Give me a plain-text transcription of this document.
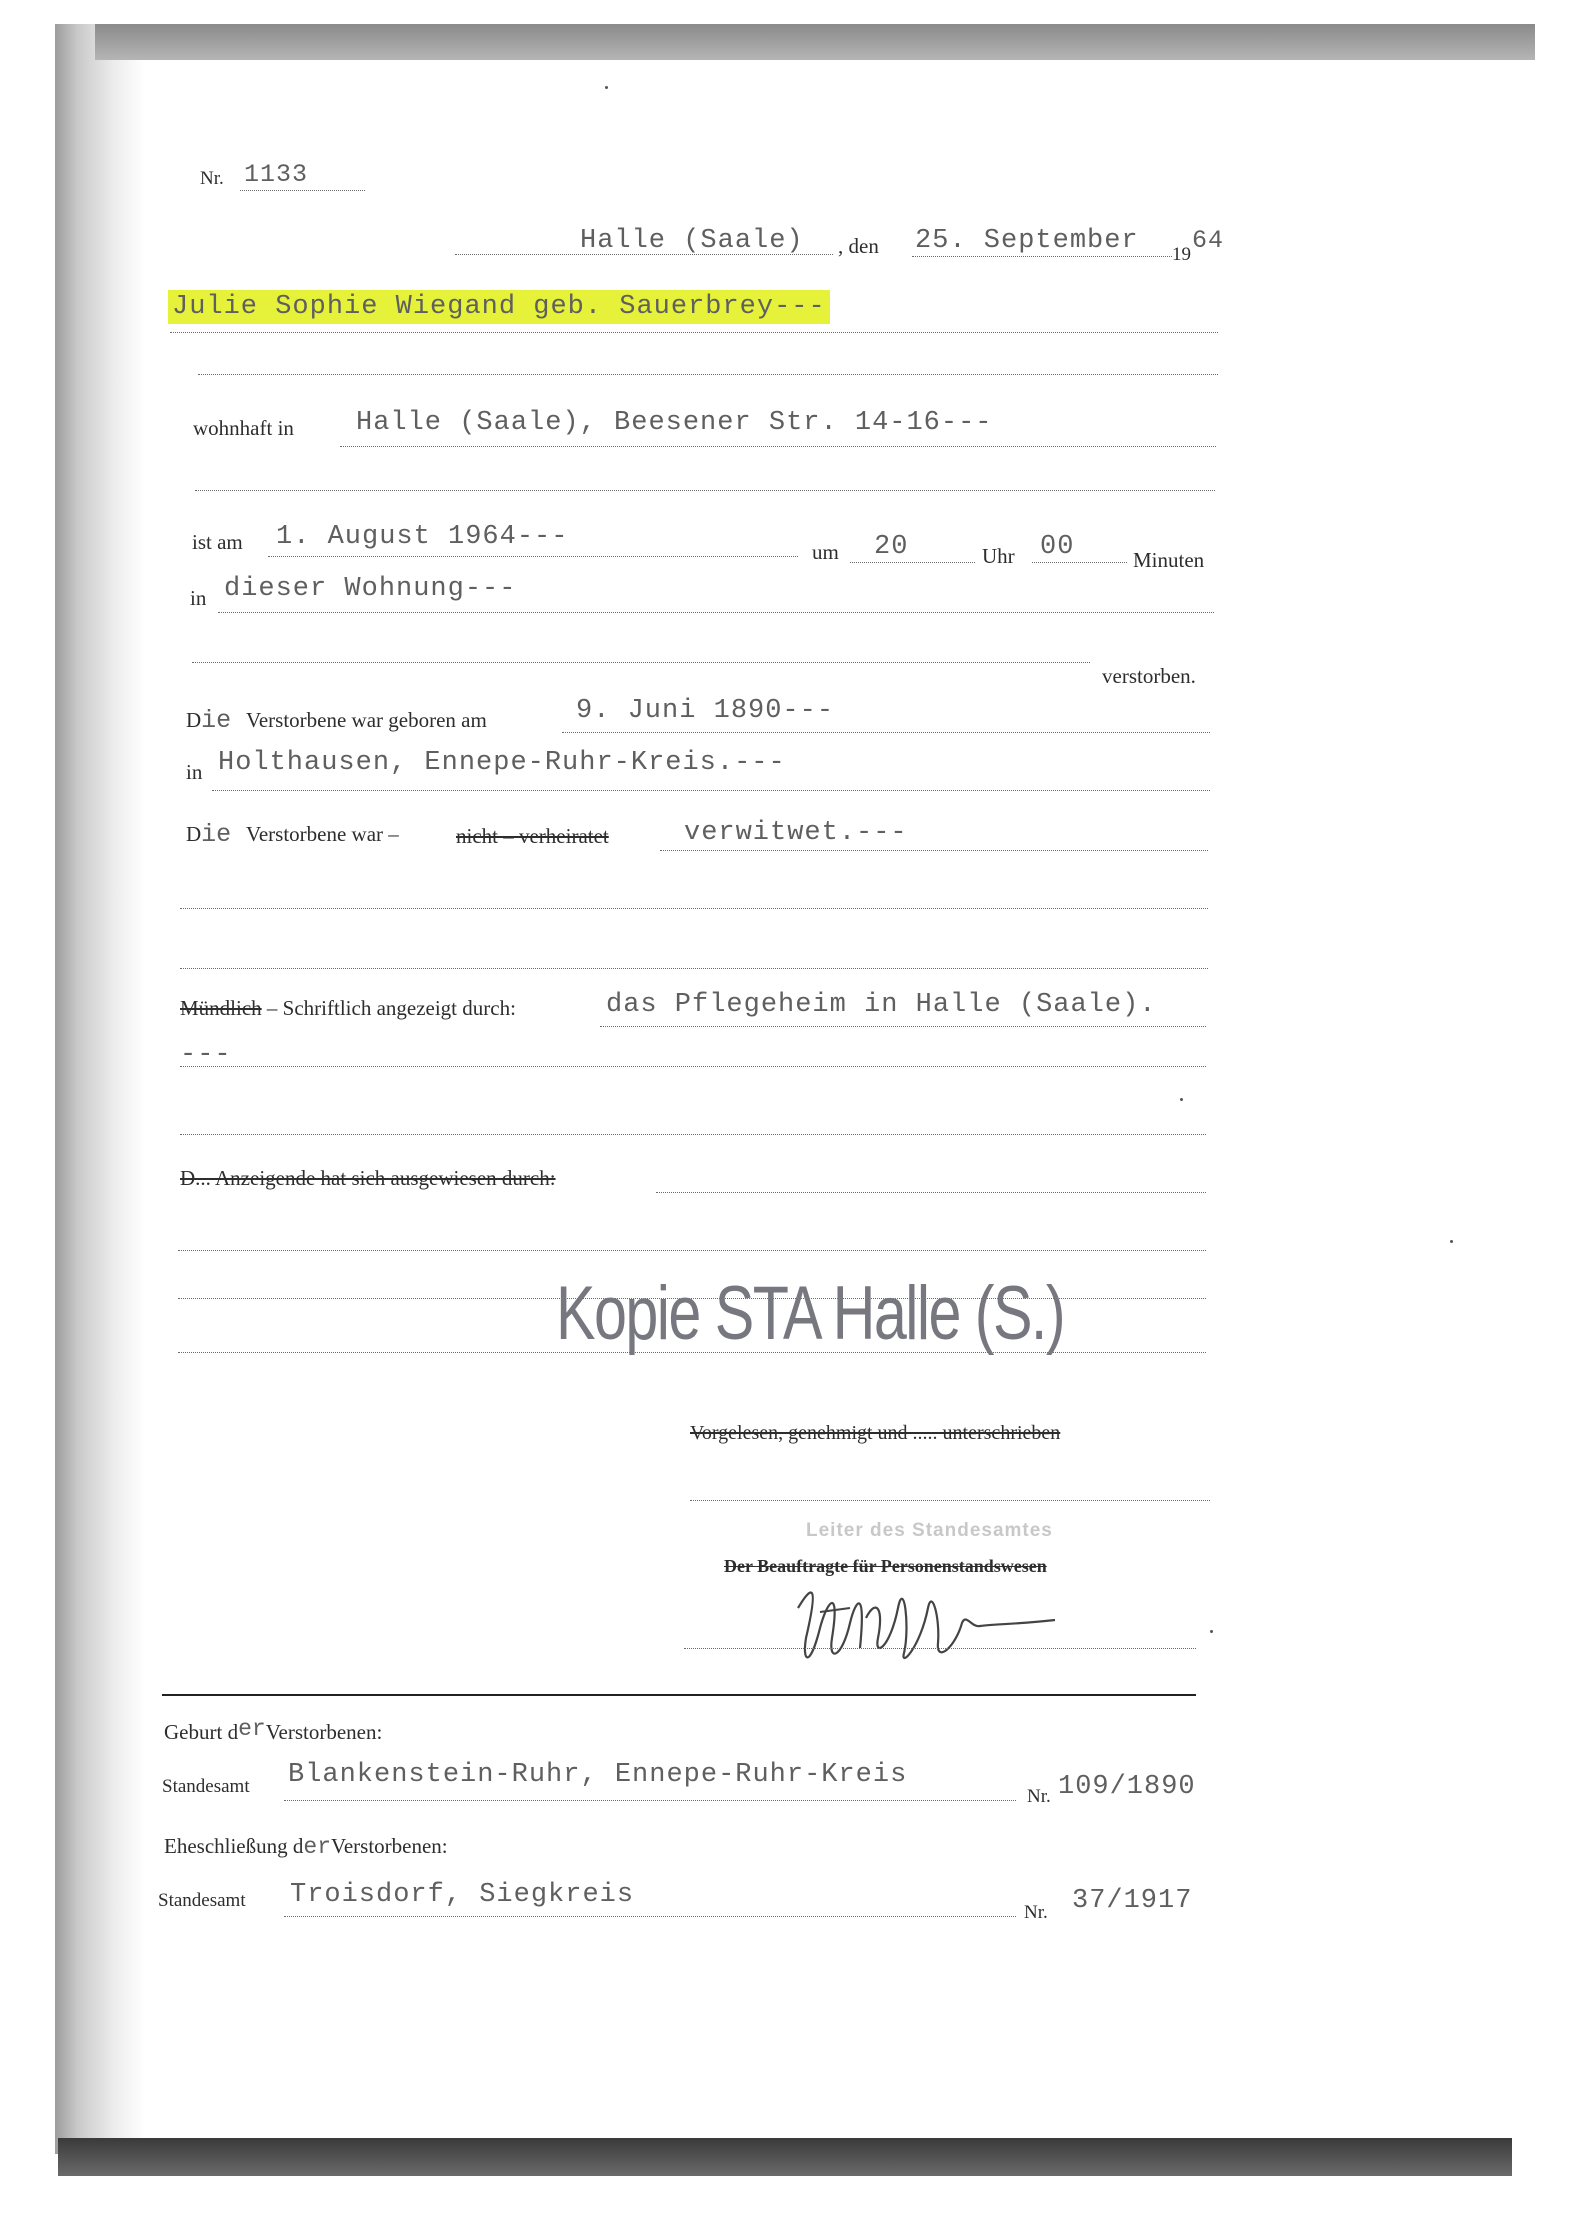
Nr. 1133
Halle (Saale) , den 25. September 19 64
Julie Sophie Wiegand geb. Sauerbrey---
wohnhaft in Halle (Saale), Beesener Str. 14-16---
ist am 1. August 1964---	um 20	Uhr 00	Minuten
in dieser Wohnung---
verstorben.
Die Verstorbene war geboren am	9. Juni 1890---
in Holthausen, Ennepe-Ruhr-Kreis.---
Die Verstorbene war –	nicht – verheiratet	verwitwet.---
Mündlich – Schriftlich angezeigt durch:	das Pflegeheim in Halle (Saale).
---
D... Anzeigende hat sich ausgewiesen durch:
Kopie STA Halle (S.)
Vorgelesen, genehmigt und ..... unterschrieben
Leiter des Standesamtes
Der Beauftragte für Personenstandswesen
Geburt derVerstorbenen:
Standesamt Blankenstein-Ruhr, Ennepe-Ruhr-Kreis
Nr. 109/1890
Eheschließung derVerstorbenen:
Standesamt Troisdorf, Siegkreis
Nr. 37/1917
